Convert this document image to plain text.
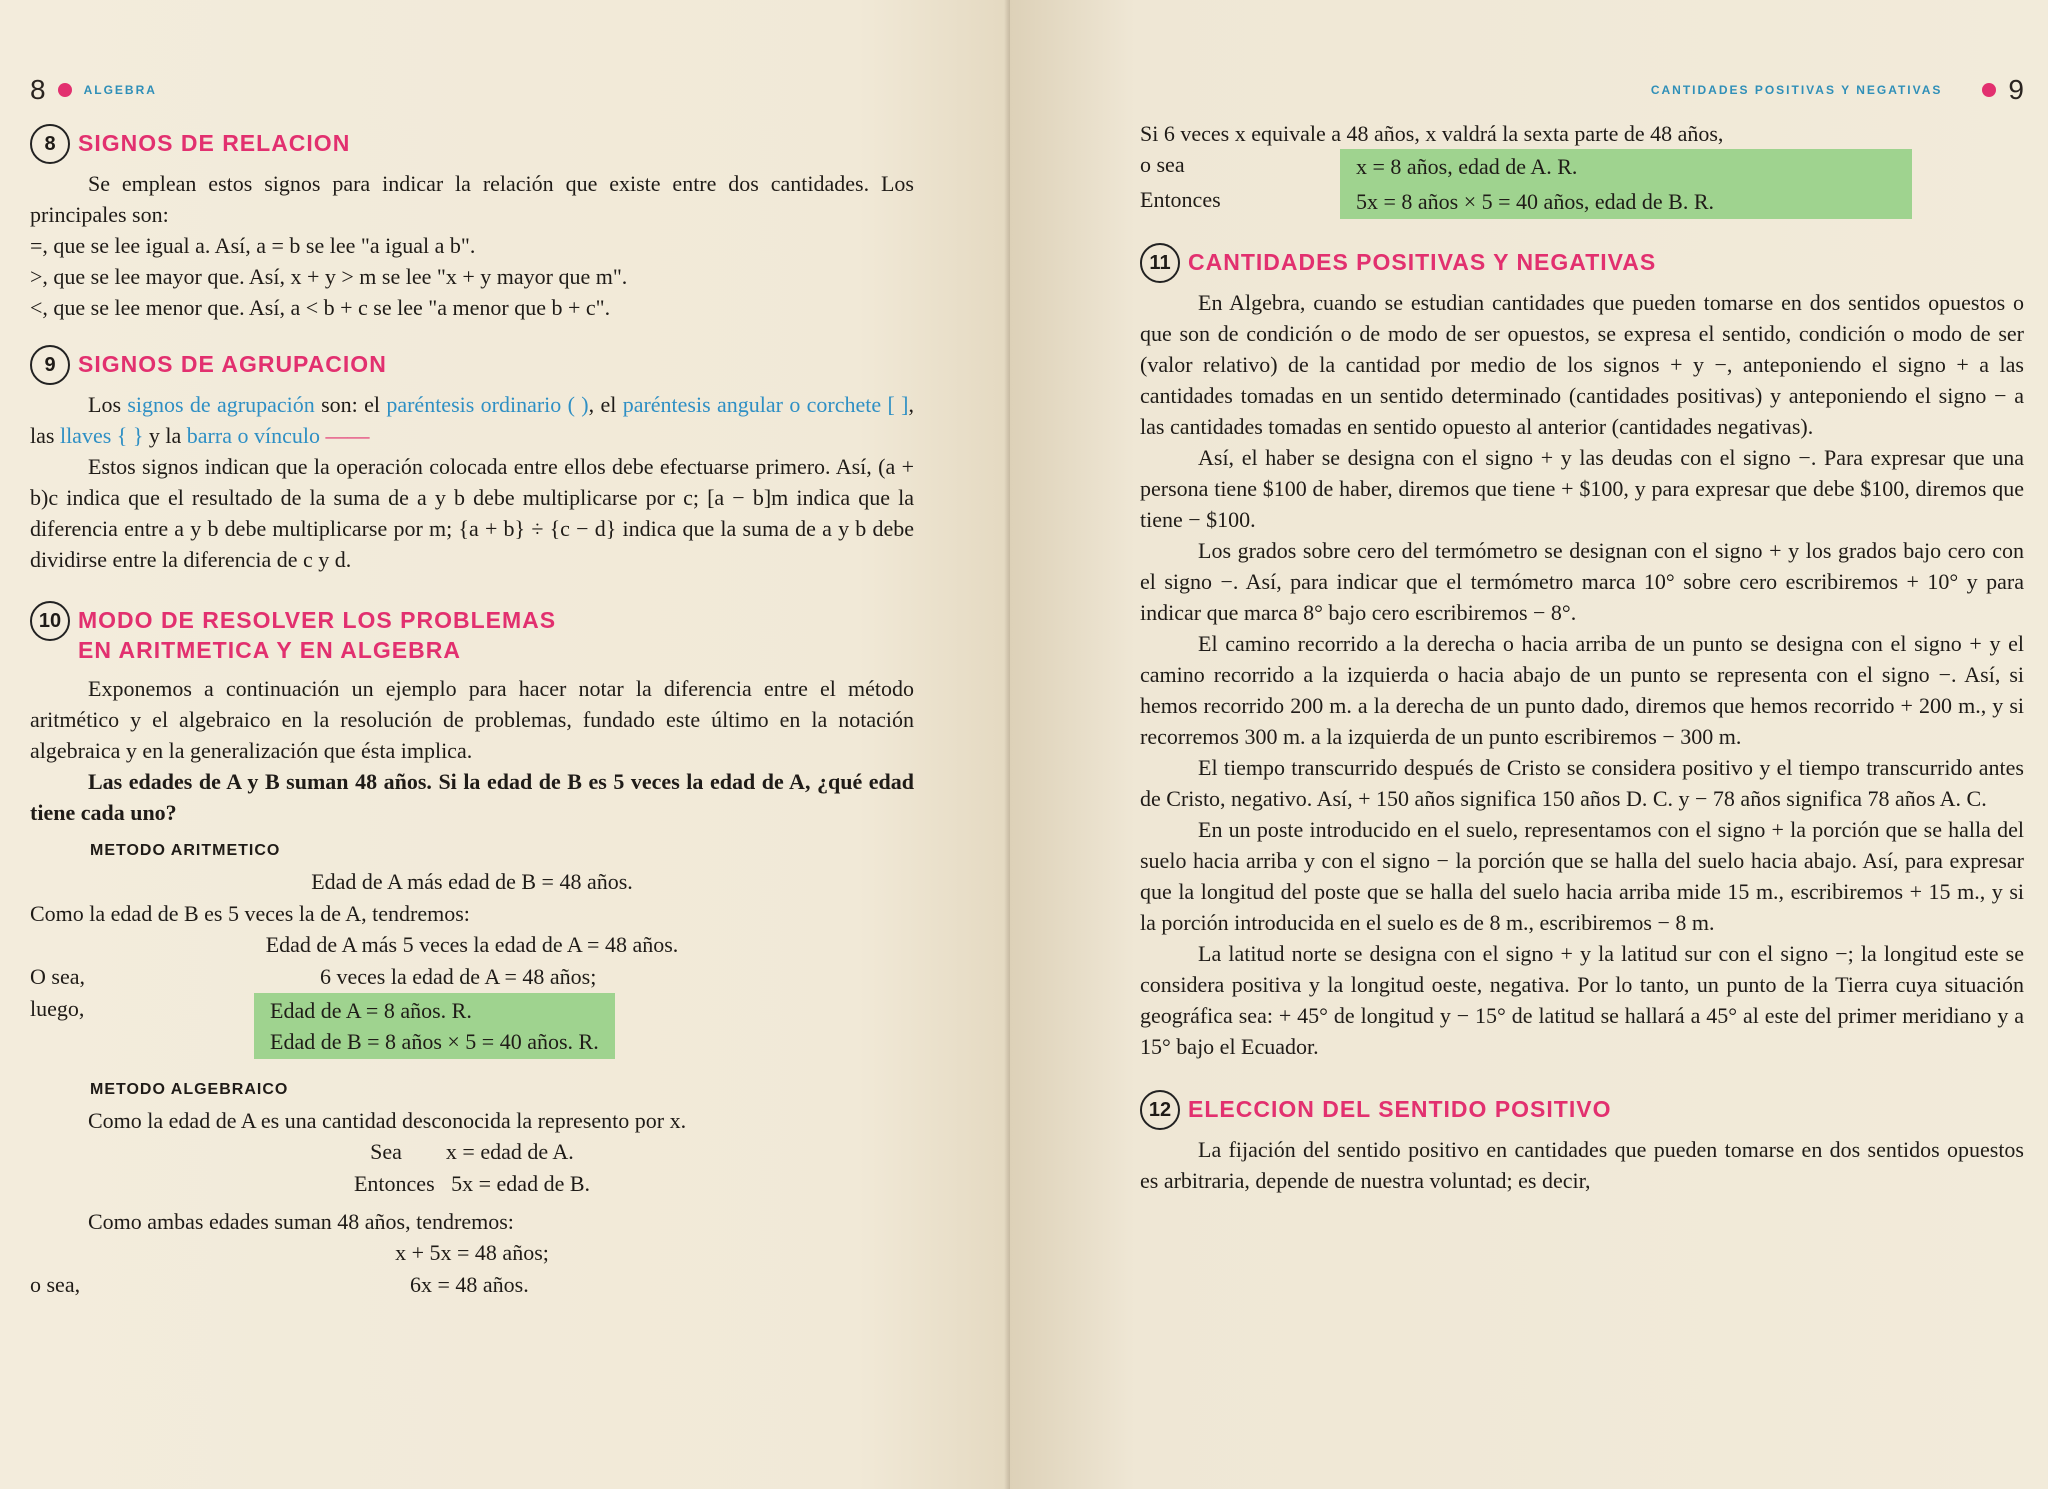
8	ALGEBRA
8 SIGNOS DE RELACION

Se emplean estos signos para indicar la relación que existe entre dos cantidades. Los principales son:

=, que se lee igual a. Así, a = b se lee "a igual a b".

>, que se lee mayor que. Así, x + y > m se lee "x + y mayor que m".

<, que se lee menor que. Así, a < b + c se lee "a menor que b + c".

9 SIGNOS DE AGRUPACION

Los signos de agrupación son: el paréntesis ordinario ( ), el paréntesis angular o corchete [ ], las llaves { } y la barra o vínculo ——

Estos signos indican que la operación colocada entre ellos debe efectuarse primero. Así, (a + b)c indica que el resultado de la suma de a y b debe multiplicarse por c; [a − b]m indica que la diferencia entre a y b debe multiplicarse por m; {a + b} ÷ {c − d} indica que la suma de a y b debe dividirse entre la diferencia de c y d.

10 MODO DE RESOLVER LOS PROBLEMAS
EN ARITMETICA Y EN ALGEBRA

Exponemos a continuación un ejemplo para hacer notar la diferencia entre el método aritmético y el algebraico en la resolución de problemas, fundado este último en la notación algebraica y en la generalización que ésta implica.

Las edades de A y B suman 48 años. Si la edad de B es 5 veces la edad de A, ¿qué edad tiene cada uno?

METODO ARITMETICO
Edad de A más edad de B = 48 años.

Como la edad de B es 5 veces la de A, tendremos:

Edad de A más 5 veces la edad de A = 48 años.
O sea,	6 veces la edad de A = 48 años;
luego,	Edad de A = 8 años. R.
Edad de B = 8 años × 5 = 40 años. R.
METODO ALGEBRAICO

Como la edad de A es una cantidad desconocida la represento por x.

Sea        x = edad de A.
Entonces   5x = edad de B.

Como ambas edades suman 48 años, tendremos:

x + 5x = 48 años;
o sea,	6x = 48 años.
CANTIDADES POSITIVAS Y NEGATIVAS 9

Si 6 veces x equivale a 48 años, x valdrá la sexta parte de 48 años,

o sea	x = 8 años, edad de A. R.
Entonces	5x = 8 años × 5 = 40 años, edad de B. R.
11 CANTIDADES POSITIVAS Y NEGATIVAS

En Algebra, cuando se estudian cantidades que pueden tomarse en dos sentidos opuestos o que son de condición o de modo de ser opuestos, se expresa el sentido, condición o modo de ser (valor relativo) de la cantidad por medio de los signos + y −, anteponiendo el signo + a las cantidades tomadas en un sentido determinado (cantidades positivas) y anteponiendo el signo − a las cantidades tomadas en sentido opuesto al anterior (cantidades negativas).

Así, el haber se designa con el signo + y las deudas con el signo −. Para expresar que una persona tiene $100 de haber, diremos que tiene + $100, y para expresar que debe $100, diremos que tiene − $100.

Los grados sobre cero del termómetro se designan con el signo + y los grados bajo cero con el signo −. Así, para indicar que el termómetro marca 10° sobre cero escribiremos + 10° y para indicar que marca 8° bajo cero escribiremos − 8°.

El camino recorrido a la derecha o hacia arriba de un punto se designa con el signo + y el camino recorrido a la izquierda o hacia abajo de un punto se representa con el signo −. Así, si hemos recorrido 200 m. a la derecha de un punto dado, diremos que hemos recorrido + 200 m., y si recorremos 300 m. a la izquierda de un punto escribiremos − 300 m.

El tiempo transcurrido después de Cristo se considera positivo y el tiempo transcurrido antes de Cristo, negativo. Así, + 150 años significa 150 años D. C. y − 78 años significa 78 años A. C.

En un poste introducido en el suelo, representamos con el signo + la porción que se halla del suelo hacia arriba y con el signo − la porción que se halla del suelo hacia abajo. Así, para expresar que la longitud del poste que se halla del suelo hacia arriba mide 15 m., escribiremos + 15 m., y si la porción introducida en el suelo es de 8 m., escribiremos − 8 m.

La latitud norte se designa con el signo + y la latitud sur con el signo −; la longitud este se considera positiva y la longitud oeste, negativa. Por lo tanto, un punto de la Tierra cuya situación geográfica sea: + 45° de longitud y − 15° de latitud se hallará a 45° al este del primer meridiano y a 15° bajo el Ecuador.

12 ELECCION DEL SENTIDO POSITIVO

La fijación del sentido positivo en cantidades que pueden tomarse en dos sentidos opuestos es arbitraria, depende de nuestra voluntad; es decir,
